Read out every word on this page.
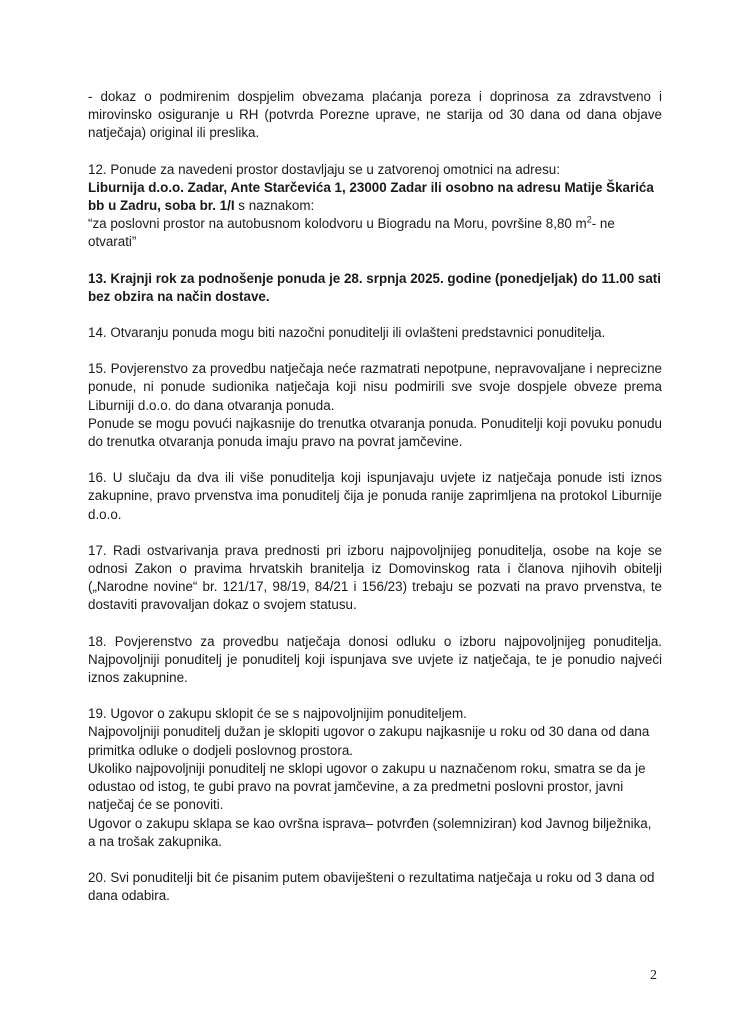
- dokaz o podmirenim dospjelim obvezama plaćanja poreza i doprinosa za zdravstveno i mirovinsko osiguranje u RH (potvrda Porezne uprave, ne starija od 30 dana od dana objave natječaja) original ili preslika.

12. Ponude za navedeni prostor dostavljaju se u zatvorenoj omotnici na adresu:

Liburnija d.o.o. Zadar, Ante Starčevića 1, 23000 Zadar ili osobno na adresu Matije Škarića bb u Zadru, soba br. 1/I s naznakom:

“za poslovni prostor na autobusnom kolodvoru u Biogradu na Moru, površine 8,80 $m^2-$ ne otvarati”

13. Krajnji rok za podnošenje ponuda je 28. srpnja 2025. godine (ponedjeljak) do 11.00 sati bez obzira na način dostave.

14. Otvaranju ponuda mogu biti nazočni ponuditelji ili ovlašteni predstavnici ponuditelja.

15. Povjerenstvo za provedbu natječaja neće razmatrati nepotpune, nepravovaljane i neprecizne ponude, ni ponude sudionika natječaja koji nisu podmirili sve svoje dospjele obveze prema Liburniji d.o.o. do dana otvaranja ponuda.

Ponude se mogu povući najkasnije do trenutka otvaranja ponuda. Ponuditelji koji povuku ponudu do trenutka otvaranja ponuda imaju pravo na povrat jamčevine.

16. U slučaju da dva ili više ponuditelja koji ispunjavaju uvjete iz natječaja ponude isti iznos zakupnine, pravo prvenstva ima ponuditelj čija je ponuda ranije zaprimljena na protokol Liburnije d.o.o.

17. Radi ostvarivanja prava prednosti pri izboru najpovoljnijeg ponuditelja, osobe na koje se odnosi Zakon o pravima hrvatskih branitelja iz Domovinskog rata i članova njihovih obitelji („Narodne novine“ br. 121/17, 98/19, 84/21 i 156/23) trebaju se pozvati na pravo prvenstva, te dostaviti pravovaljan dokaz o svojem statusu.

18. Povjerenstvo za provedbu natječaja donosi odluku o izboru najpovoljnijeg ponuditelja. Najpovoljniji ponuditelj je ponuditelj koji ispunjava sve uvjete iz natječaja, te je ponudio najveći iznos zakupnine.

19. Ugovor o zakupu sklopit će se s najpovoljnijim ponuditeljem.

Najpovoljniji ponuditelj dužan je sklopiti ugovor o zakupu najkasnije u roku od 30 dana od dana primitka odluke o dodjeli poslovnog prostora.

Ukoliko najpovoljniji ponuditelj ne sklopi ugovor o zakupu u naznačenom roku, smatra se da je odustao od istog, te gubi pravo na povrat jamčevine, a za predmetni poslovni prostor, javni natječaj će se ponoviti.

Ugovor o zakupu sklapa se kao ovršna isprava– potvrđen (solemniziran) kod Javnog bilježnika, a na trošak zakupnika.

20. Svi ponuditelji bit će pisanim putem obaviješteni o rezultatima natječaja u roku od 3 dana od dana odabira.

2
